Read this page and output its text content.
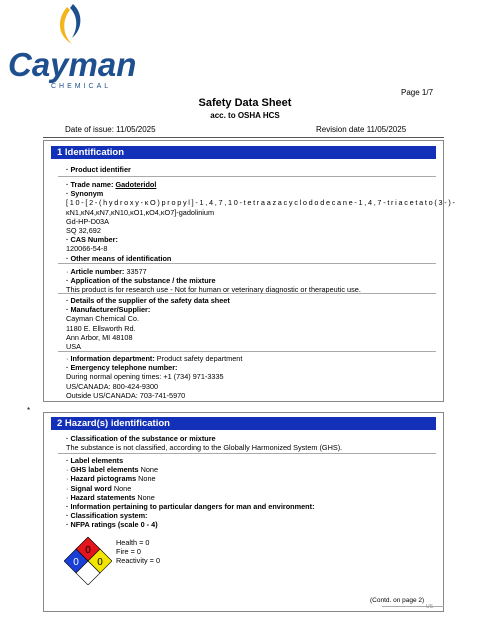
Cayman
CHEMICAL
Page 1/7
Safety Data Sheet
acc. to OSHA HCS
Date of issue: 11/05/2025	Revision date 11/05/2025
1 Identification
· Product identifier
· Trade name: Gadoteridol
· Synonym
[10-[2-(hydroxy-κO)propyl]-1,4,7,10-tetraazacyclododecane-1,4,7-triacetato(3-)-
κN1,κN4,κN7,κN10,κO1,κO4,κO7]-gadolinium
Gd-HP-D03A
SQ 32,692
· CAS Number:
120066-54-8
· Other means of identification
· Article number: 33577
· Application of the substance / the mixture
This product is for research use - Not for human or veterinary diagnostic or therapeutic use.
· Details of the supplier of the safety data sheet
· Manufacturer/Supplier:
Cayman Chemical Co.
1180 E. Ellsworth Rd.
Ann Arbor, MI 48108
USA
· Information department: Product safety department
· Emergency telephone number:
During normal opening times: +1 (734) 971-3335
US/CANADA: 800-424-9300
Outside US/CANADA: 703-741-5970
*
2 Hazard(s) identification
· Classification of the substance or mixture
The substance is not classified, according to the Globally Harmonized System (GHS).
· Label elements
· GHS label elements None
· Hazard pictograms None
· Signal word None
· Hazard statements None
· Information pertaining to particular dangers for man and environment:
· Classification system:
· NFPA ratings (scale 0 - 4)
0
0 0
Health = 0
Fire = 0
Reactivity = 0
(Contd. on page 2)
US
